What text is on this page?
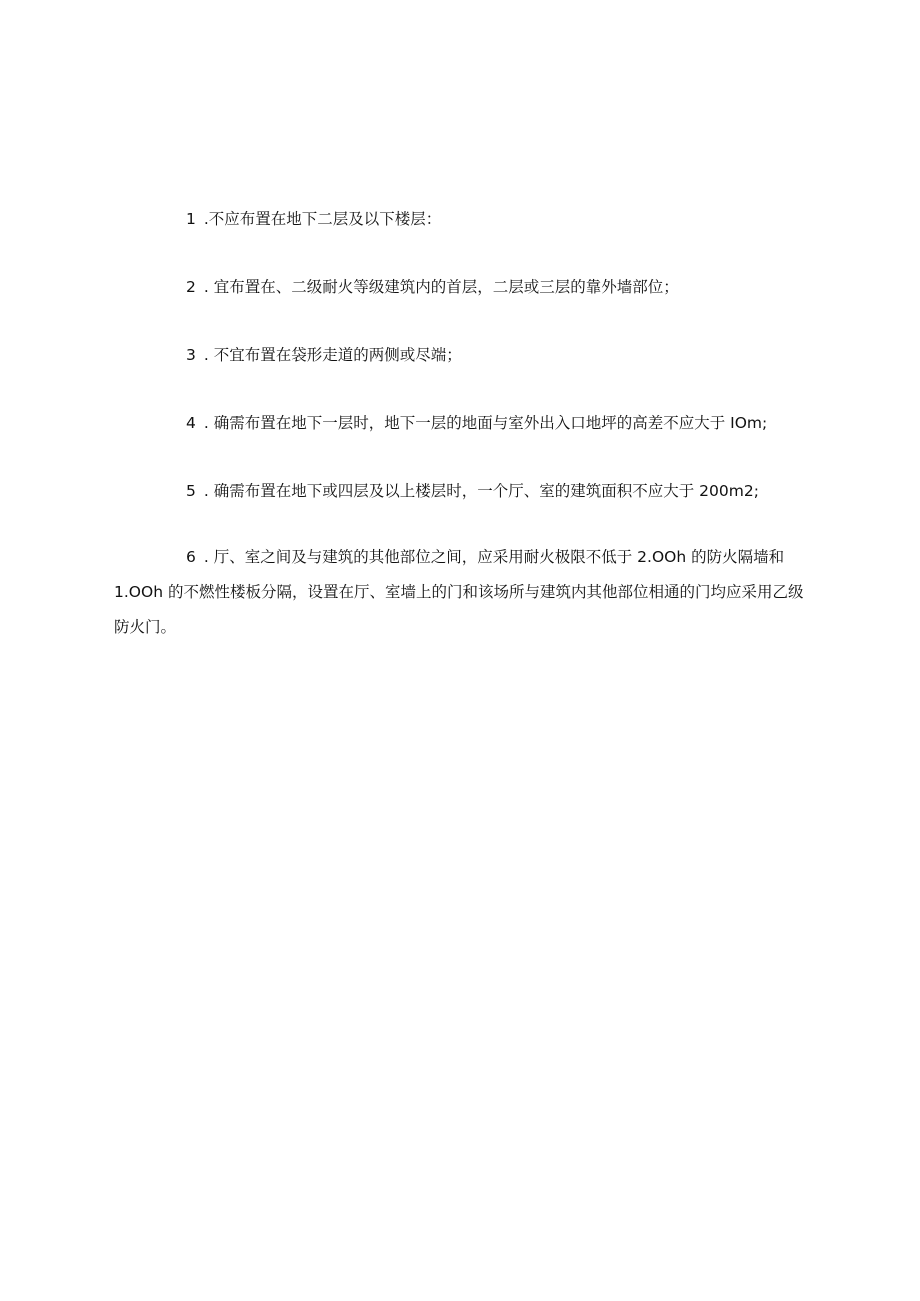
1 .不应布置在地下二层及以下楼层：

2 . 宜布置在、二级耐火等级建筑内的首层，二层或三层的靠外墙部位；

3 . 不宜布置在袋形走道的两侧或尽端；

4 . 确需布置在地下一层时，地下一层的地面与室外出入口地坪的高差不应大于 IOm;

5 . 确需布置在地下或四层及以上楼层时，一个厅、室的建筑面积不应大于 200m2;

6 . 厅、室之间及与建筑的其他部位之间，应采用耐火极限不低于 2.OOh 的防火隔墙和 1.OOh 的不燃性楼板分隔，设置在厅、室墙上的门和该场所与建筑内其他部位相通的门均应采用乙级防火门。
